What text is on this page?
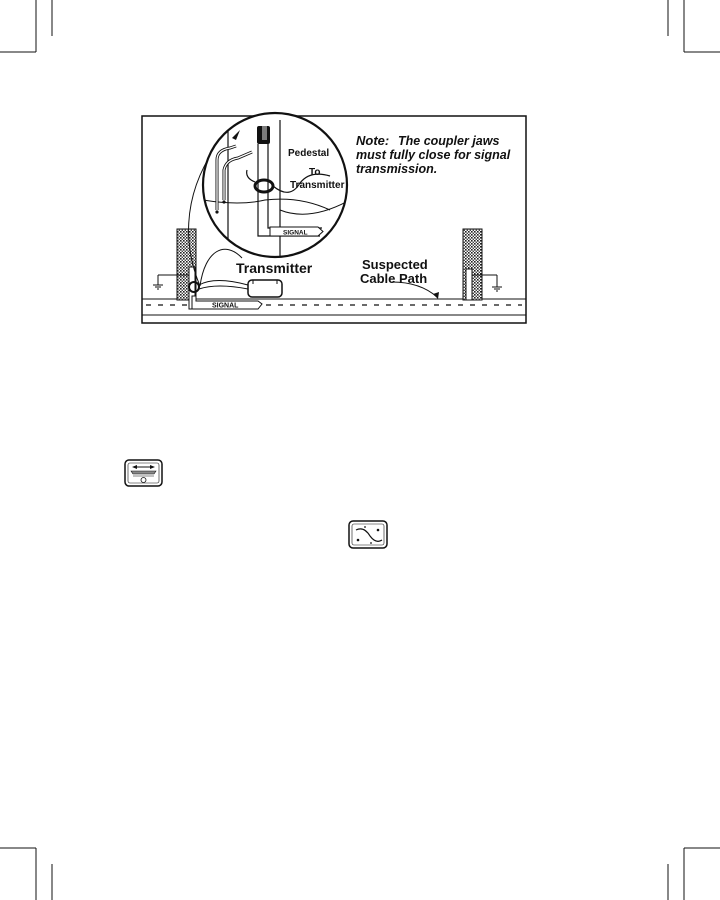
SIGNAL
Transmitter	Suspected
Cable Path
Note: The coupler jaws must fully close for signal transmission.
SIGNAL
Pedestal
To
Transmitter
